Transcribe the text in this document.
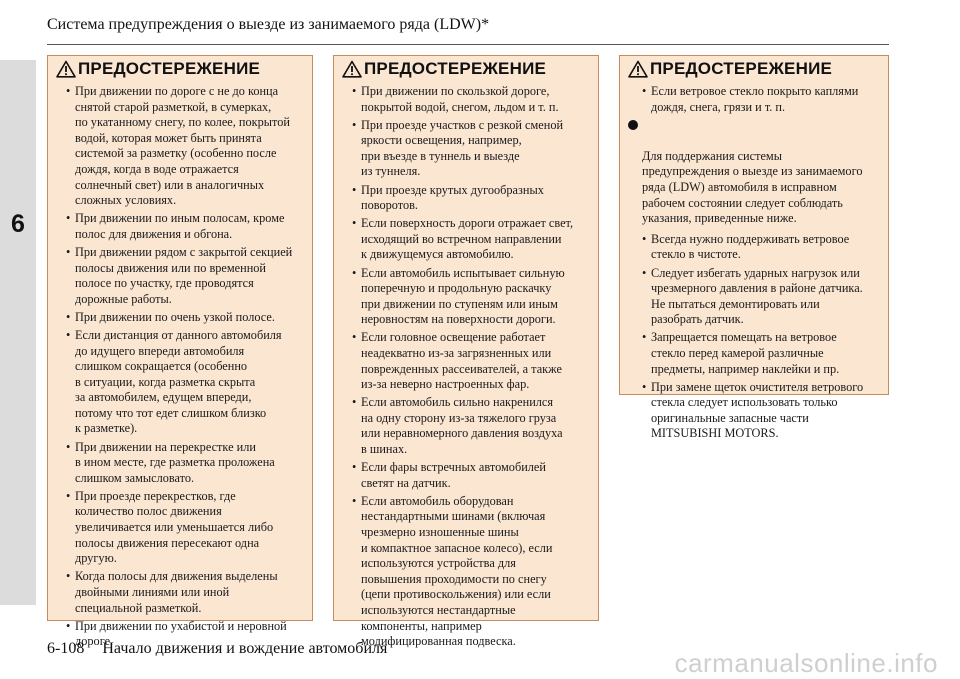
Система предупреждения о выезде из занимаемого ряда (LDW)*
6
ПРЕДОСТЕРЕЖЕНИЕ
• При движении по дороге с не до конца
снятой старой разметкой, в сумерках,
по укатанному снегу, по колее, покрытой
водой, которая может быть принята
системой за разметку (особенно после
дождя, когда в воде отражается
солнечный свет) или в аналогичных
сложных условиях.
• При движении по иным полосам, кроме
полос для движения и обгона.
• При движении рядом с закрытой секцией
полосы движения или по временной
полосе по участку, где проводятся
дорожные работы.
• При движении по очень узкой полосе.
• Если дистанция от данного автомобиля
до идущего впереди автомобиля
слишком сокращается (особенно
в ситуации, когда разметка скрыта
за автомобилем, едущем впереди,
потому что тот едет слишком близко
к разметке).
• При движении на перекрестке или
в ином месте, где разметка проложена
слишком замысловато.
• При проезде перекрестков, где
количество полос движения
увеличивается или уменьшается либо
полосы движения пересекают одна
другую.
• Когда полосы для движения выделены
двойными линиями или иной
специальной разметкой.
• При движении по ухабистой и неровной
дороге.
ПРЕДОСТЕРЕЖЕНИЕ
• При движении по скользкой дороге,
покрытой водой, снегом, льдом и т. п.
• При проезде участков с резкой сменой
яркости освещения, например,
при въезде в туннель и выезде
из туннеля.
• При проезде крутых дугообразных
поворотов.
• Если поверхность дороги отражает свет,
исходящий во встречном направлении
к движущемуся автомобилю.
• Если автомобиль испытывает сильную
поперечную и продольную раскачку
при движении по ступеням или иным
неровностям на поверхности дороги.
• Если головное освещение работает
неадекватно из-за загрязненных или
поврежденных рассеивателей, а также
из-за неверно настроенных фар.
• Если автомобиль сильно накренился
на одну сторону из-за тяжелого груза
или неравномерного давления воздуха
в шинах.
• Если фары встречных автомобилей
светят на датчик.
• Если автомобиль оборудован
нестандартными шинами (включая
чрезмерно изношенные шины
и компактное запасное колесо), если
используются устройства для
повышения проходимости по снегу
(цепи противоскольжения) или если
используются нестандартные
компоненты, например
модифицированная подвеска.
ПРЕДОСТЕРЕЖЕНИЕ
• Если ветровое стекло покрыто каплями
дождя, снега, грязи и т. п.

Для поддержания системы
предупреждения о выезде из занимаемого
ряда (LDW) автомобиля в исправном
рабочем состоянии следует соблюдать
указания, приведенные ниже.

• Всегда нужно поддерживать ветровое
стекло в чистоте.
• Следует избегать ударных нагрузок или
чрезмерного давления в районе датчика.
Не пытаться демонтировать или
разобрать датчик.
• Запрещается помещать на ветровое
стекло перед камерой различные
предметы, например наклейки и пр.
• При замене щеток очистителя ветрового
стекла следует использовать только
оригинальные запасные части
MITSUBISHI MOTORS.
6-108 Начало движения и вождение автомобиля	carmanualsonline.info
